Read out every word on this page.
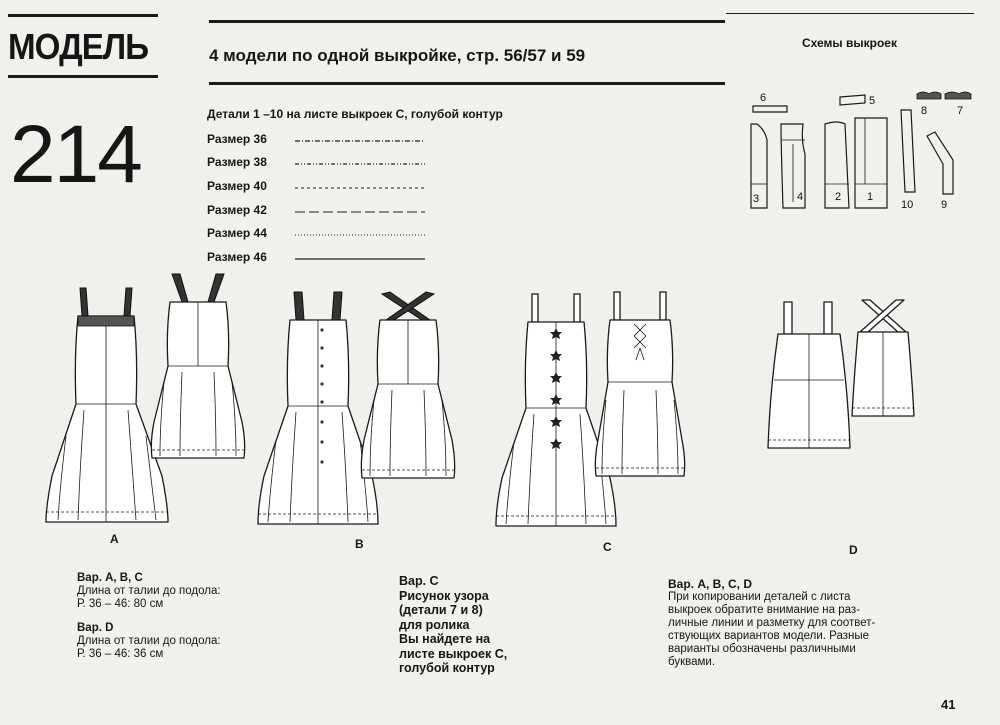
МОДЕЛЬ
214
4 модели по одной выкройке, стр. 56/57 и 59
Схемы выкроек
Детали 1 –10 на листе выкроек С, голубой контур
Размер 36
Размер 38
Размер 40
Размер 42
Размер 44
Размер 46
6	5
8	7
3	4	2 1
10	9
A	B	C	D
Вар. А, В, С
Длина от талии до подола:
Р. 36 – 46: 80 см
Вар. D
Длина от талии до подола:
Р. 36 – 46: 36 см
Вар. С
Рисунок узора
(детали 7 и 8)
для ролика
Вы найдете на
листе выкроек С,
голубой контур
Вар. А, В, С, D
При копировании деталей с листа
выкроек обратите внимание на раз-
личные линии и разметку для соответ-
ствующих вариантов модели. Разные
варианты обозначены различными
буквами.
41
